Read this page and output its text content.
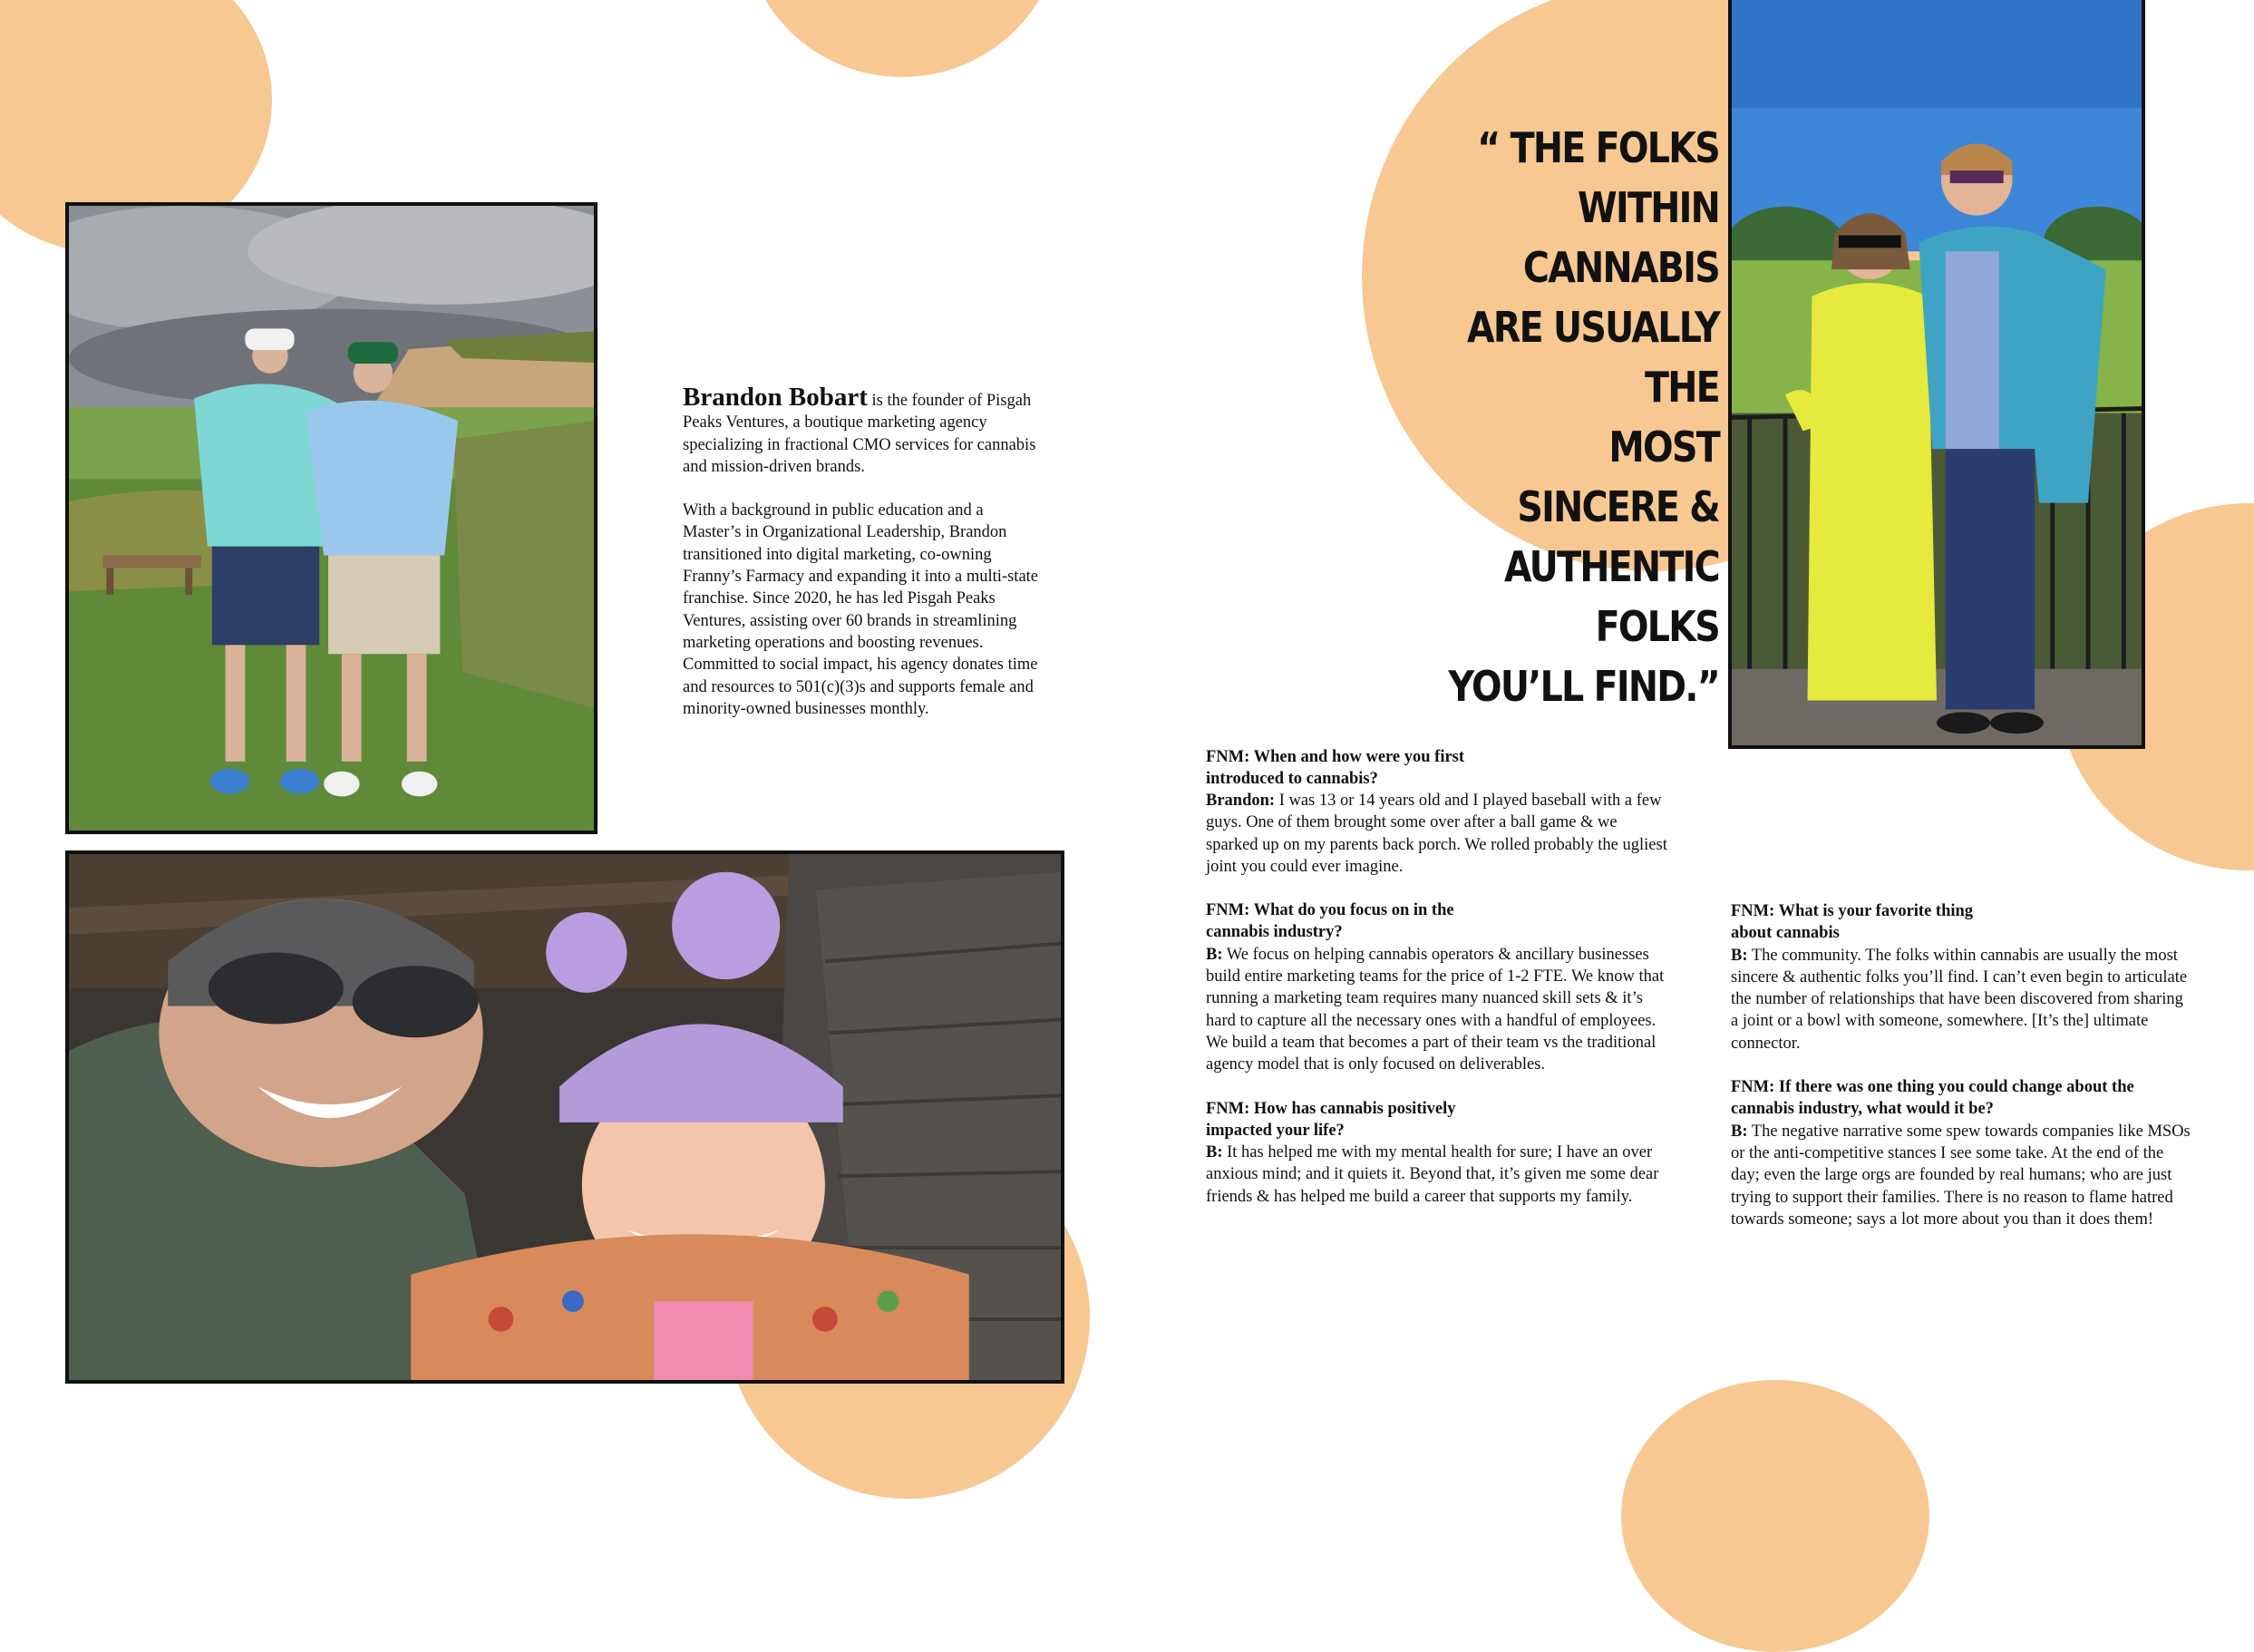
Brandon Bobart is the founder of Pisgah Peaks Ventures, a boutique marketing agency specializing in fractional CMO services for cannabis and mission-driven brands.

With a background in public education and a Master’s in Organizational Leadership, Brandon transitioned into digital marketing, co-owning Franny’s Farmacy and expanding it into a multi-state franchise. Since 2020, he has led Pisgah Peaks Ventures, assisting over 60 brands in streamlining marketing operations and boosting revenues. Committed to social impact, his agency donates time and resources to 501(c)(3)s and supports female and minority-owned businesses monthly.

“ THE FOLKS
WITHIN CANNABIS
ARE USUALLY THE
MOST SINCERE &
AUTHENTIC FOLKS
YOU’LL FIND.”
FNM: When and how were you first introduced to cannabis?
Brandon: I was 13 or 14 years old and I played baseball with a few guys. One of them brought some over after a ball game & we sparked up on my parents back porch. We rolled probably the ugliest joint you could ever imagine.
FNM: What do you focus on in the cannabis industry?
B: We focus on helping cannabis operators & ancillary businesses build entire marketing teams for the price of 1-2 FTE. We know that running a marketing team requires many nuanced skill sets & it’s hard to capture all the necessary ones with a handful of employees. We build a team that becomes a part of their team vs the traditional agency model that is only focused on deliverables.
FNM: How has cannabis positively impacted your life?
B: It has helped me with my mental health for sure; I have an over anxious mind; and it quiets it. Beyond that, it’s given me some dear friends & has helped me build a career that supports my family.
FNM: What is your favorite thing about cannabis
B: The community. The folks within cannabis are usually the most sincere & authentic folks you’ll find. I can’t even begin to articulate the number of relationships that have been discovered from sharing a joint or a bowl with someone, somewhere. [It’s the] ultimate connector.
FNM: If there was one thing you could change about the cannabis industry, what would it be?
B: The negative narrative some spew towards companies like MSOs or the anti-competitive stances I see some take. At the end of the day; even the large orgs are founded by real humans; who are just trying to support their families. There is no reason to flame hatred towards someone; says a lot more about you than it does them!
